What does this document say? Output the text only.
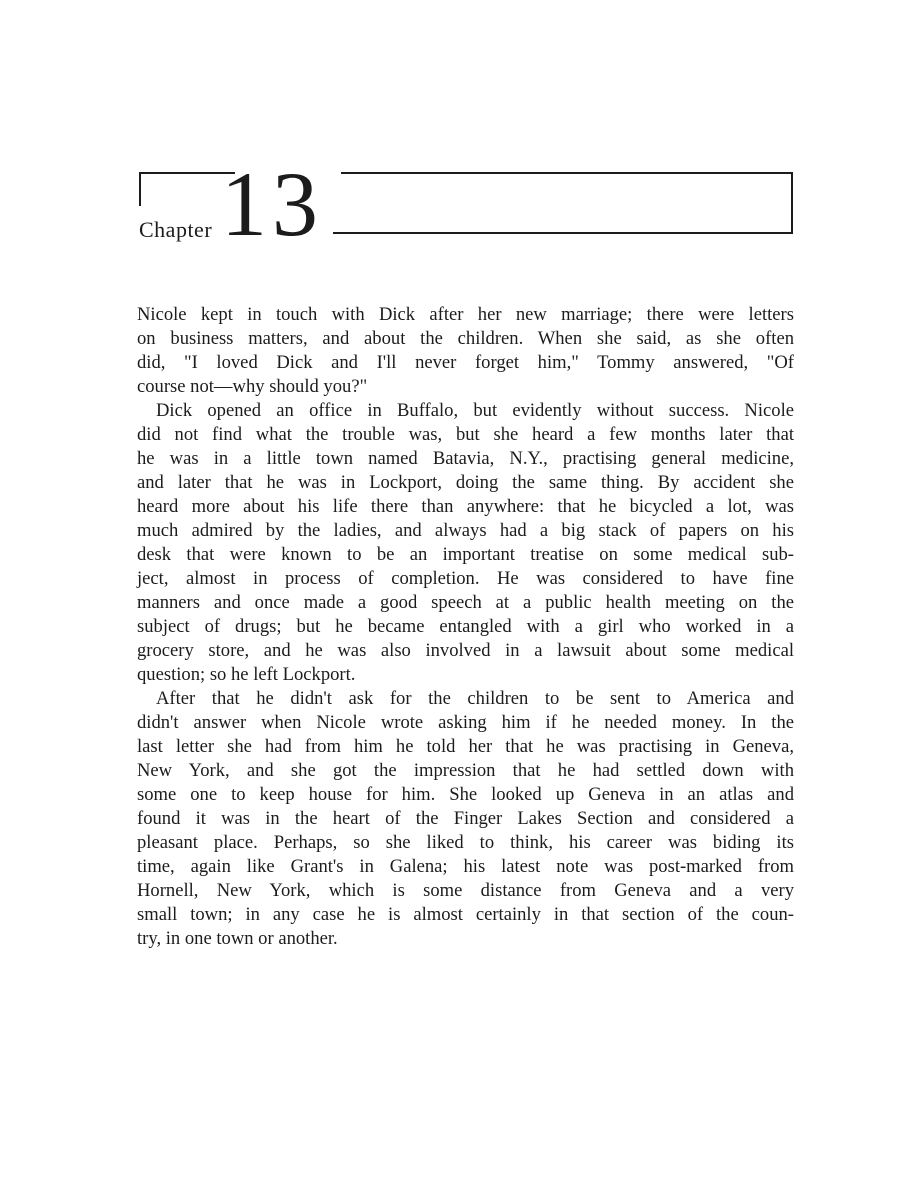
Chapter 13
Nicole kept in touch with Dick after her new marriage; there were letters
on business matters, and about the children. When she said, as she often
did, "I loved Dick and I'll never forget him," Tommy answered, "Of
course not—why should you?"
Dick opened an office in Buffalo, but evidently without success. Nicole
did not find what the trouble was, but she heard a few months later that
he was in a little town named Batavia, N.Y., practising general medicine,
and later that he was in Lockport, doing the same thing. By accident she
heard more about his life there than anywhere: that he bicycled a lot, was
much admired by the ladies, and always had a big stack of papers on his
desk that were known to be an important treatise on some medical sub-
ject, almost in process of completion. He was considered to have fine
manners and once made a good speech at a public health meeting on the
subject of drugs; but he became entangled with a girl who worked in a
grocery store, and he was also involved in a lawsuit about some medical
question; so he left Lockport.
After that he didn't ask for the children to be sent to America and
didn't answer when Nicole wrote asking him if he needed money. In the
last letter she had from him he told her that he was practising in Geneva,
New York, and she got the impression that he had settled down with
some one to keep house for him. She looked up Geneva in an atlas and
found it was in the heart of the Finger Lakes Section and considered a
pleasant place. Perhaps, so she liked to think, his career was biding its
time, again like Grant's in Galena; his latest note was post-marked from
Hornell, New York, which is some distance from Geneva and a very
small town; in any case he is almost certainly in that section of the coun-
try, in one town or another.
